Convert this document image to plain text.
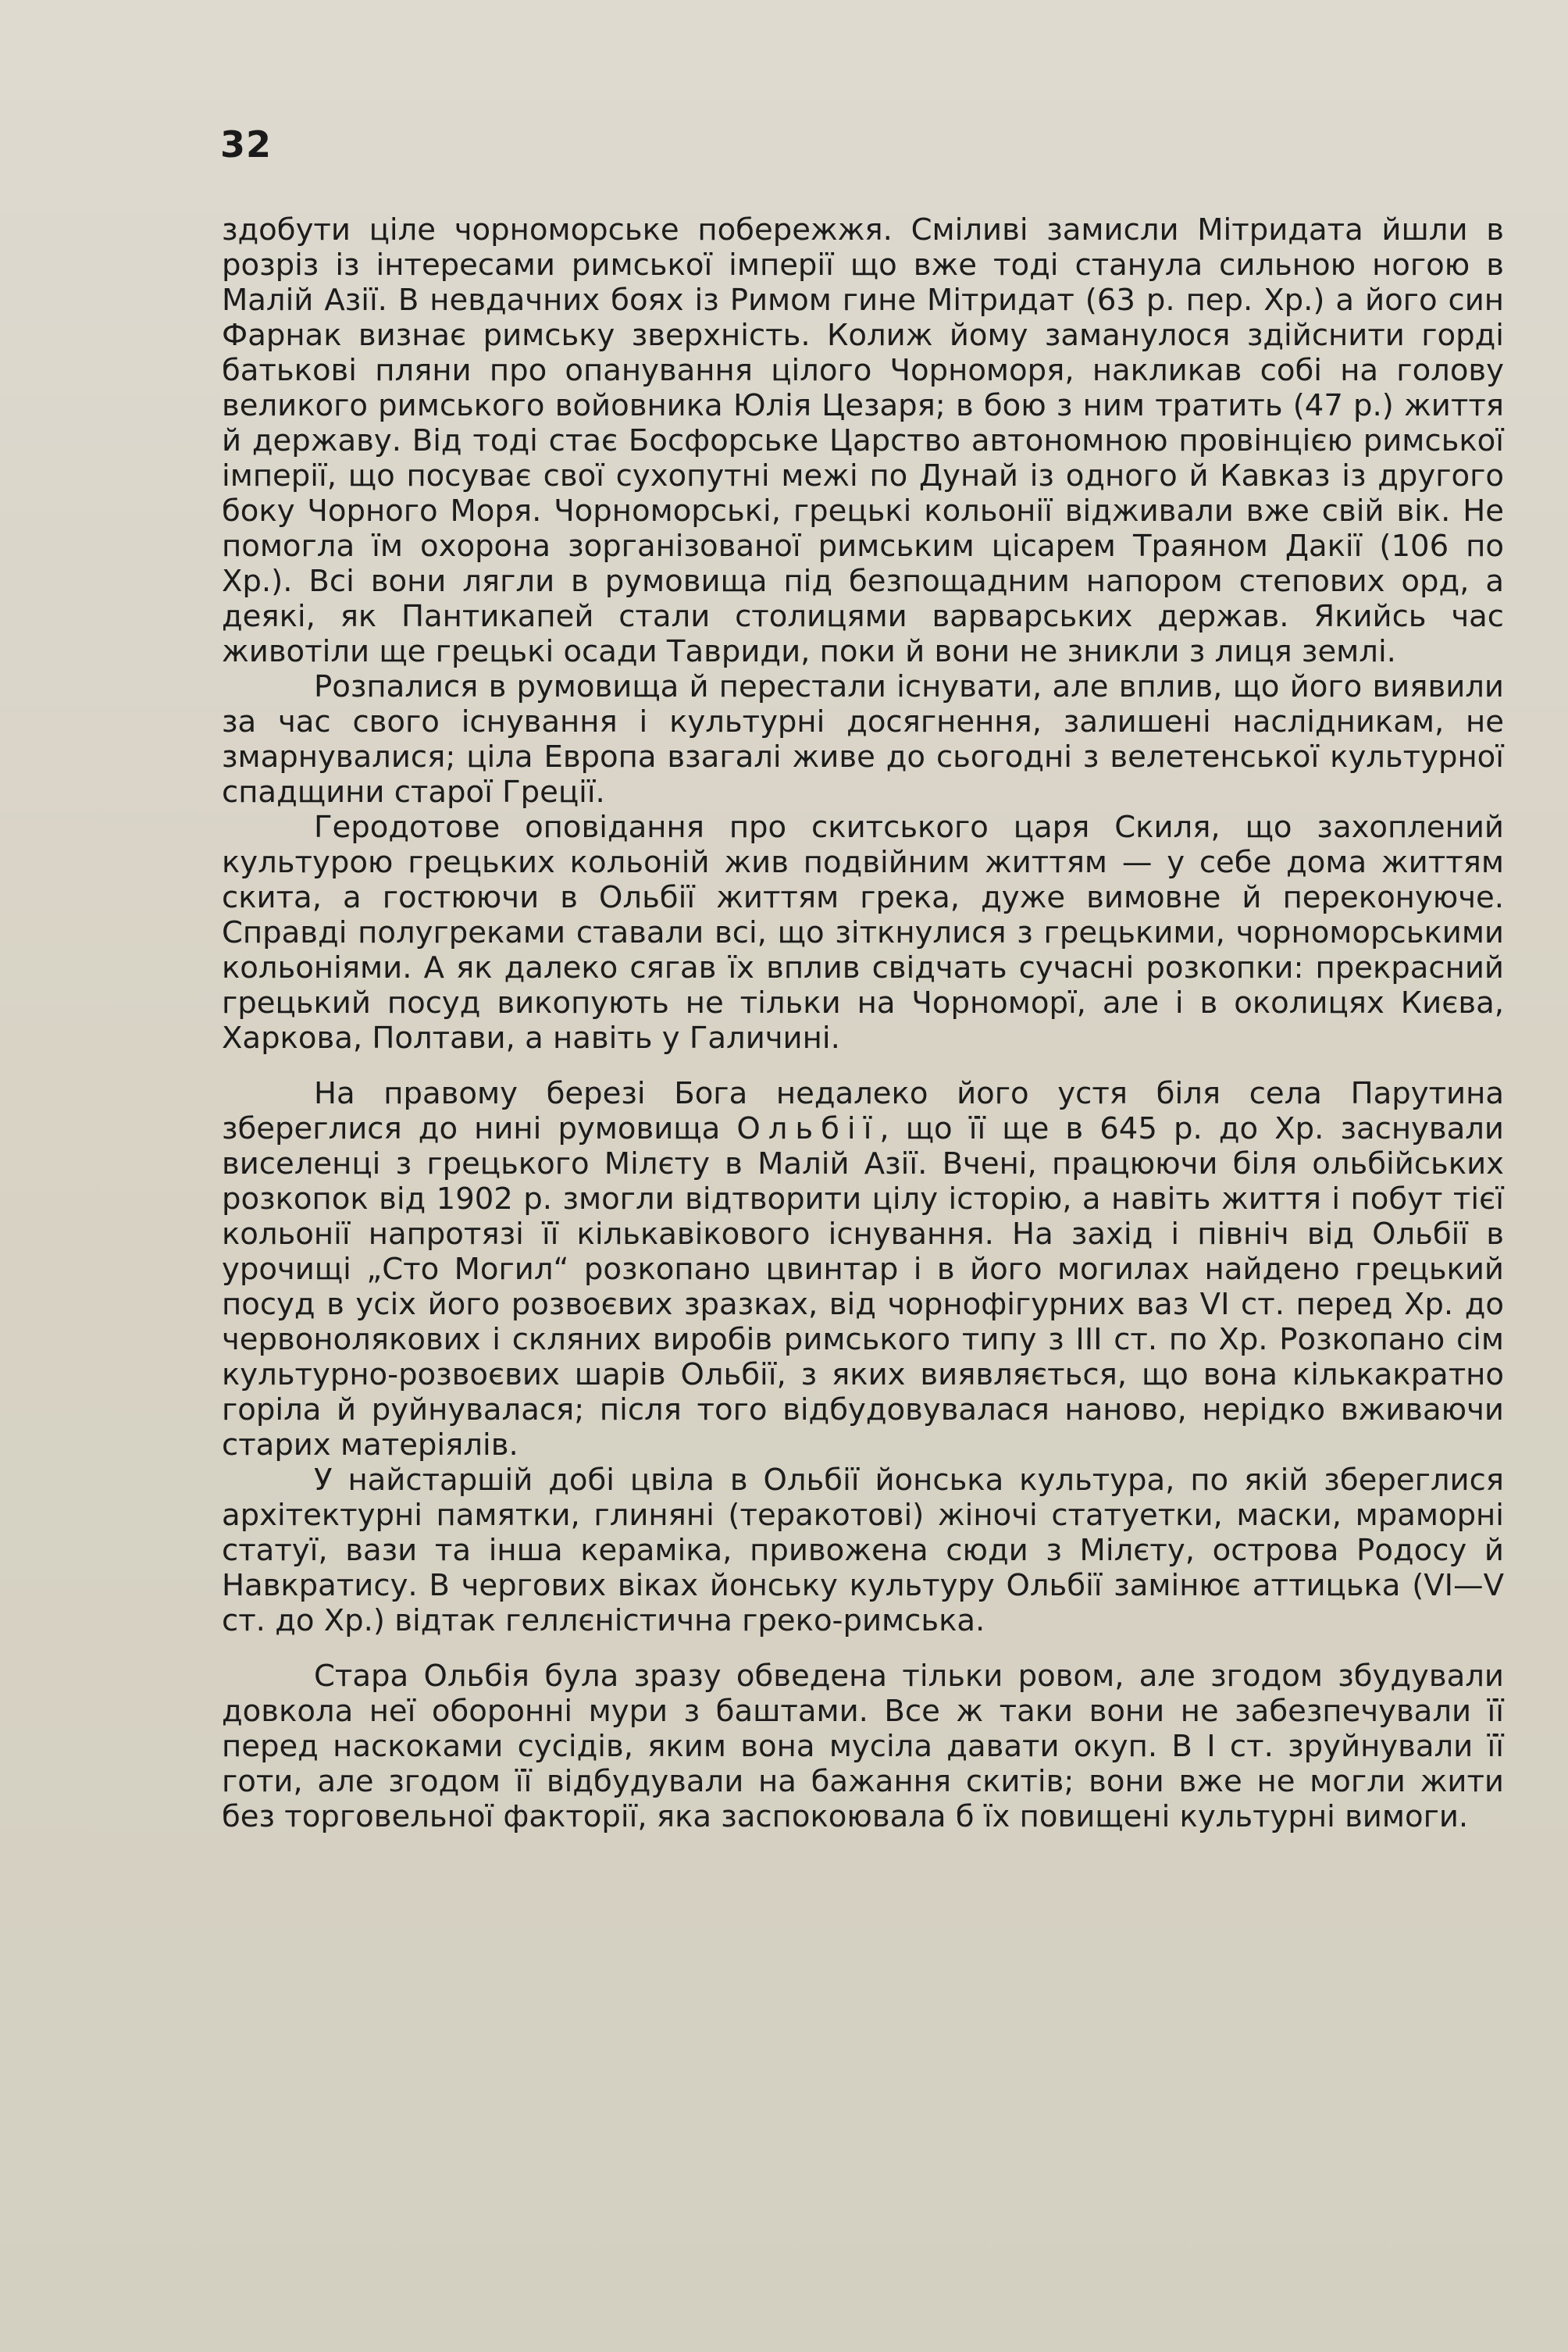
32

здобути ціле чорноморське побережжя. Сміливі замисли Мітридата йшли в розріз із інтересами римської імперії що вже тоді станула сильною ногою в Малій Азії. В невдачних боях із Римом гине Мітридат (63 р. пер. Хр.) а його син Фарнак визнає римську зверхність. Колиж йому заманулося здійснити горді батькові пляни про опанування цілого Чорноморя, накликав собі на голову великого римського войовника Юлія Цезаря; в бою з ним тратить (47 р.) життя й державу. Від тоді стає Босфорське Царство автономною провінцією римської імперії, що посуває свої сухопутні межі по Дунай із одного й Кавказ із другого боку Чорного Моря. Чорноморські, грецькі кольонії відживали вже свій вік. Не помогла їм охорона зорганізованої римським цісарем Траяном Дакії (106 по Хр.). Всі вони лягли в румовища під безпощадним напором степових орд, а деякі, як Пантикапей стали столицями варварських держав. Якийсь час животіли ще грецькі осади Тавриди, поки й вони не зникли з лиця землі.

Розпалися в румовища й перестали існувати, але вплив, що його виявили за час свого існування і культурні досягнення, залишені наслідникам, не змарнувалися; ціла Европа взагалі живе до сьогодні з велетенської культурної спадщини старої Греції.

Геродотове оповідання про скитського царя Скиля, що захоплений культурою грецьких кольоній жив подвійним життям — у себе дома життям скита, а гостюючи в Ольбії життям грека, дуже вимовне й переконуюче. Справді полугреками ставали всі, що зіткнулися з грецькими, чорноморськими кольоніями. А як далеко сягав їх вплив свідчать сучасні розкопки: прекрасний грецький посуд викопують не тільки на Чорноморї, але і в околицях Києва, Харкова, Полтави, а навіть у Галичині.

На правому березі Бога недалеко його устя біля села Парутина збереглися до нині румовища Ольбії, що її ще в 645 р. до Хр. заснували виселенці з грецького Мілєту в Малій Азії. Вчені, працюючи біля ольбійських розкопок від 1902 р. змогли відтворити цілу історію, а навіть життя і побут тієї кольонії напротязі її кількавікового існування. На захід і північ від Ольбії в урочищі „Сто Могил“ розкопано цвинтар і в його могилах найдено грецький посуд в усіх його розвоєвих зразках, від чорнофігурних ваз VI ст. перед Хр. до червонолякових і скляних виробів римського типу з III ст. по Хр. Розкопано сім культурно-розвоєвих шарів Ольбії, з яких виявляється, що вона кількакратно горіла й руйнувалася; після того відбудовувалася наново, нерідко вживаючи старих матеріялів.

У найстаршій добі цвіла в Ольбії йонська культура, по якій збереглися архітектурні памятки, глиняні (теракотові) жіночі статуетки, маски, мраморні статуї, вази та інша кераміка, привожена сюди з Мілєту, острова Родосу й Навкратису. В чергових віках йонську культуру Ольбії замінює аттицька (VI—V ст. до Хр.) відтак геллєністична греко-римська.

Стара Ольбія була зразу обведена тільки ровом, але згодом збудували довкола неї оборонні мури з баштами. Все ж таки вони не забезпечували її перед наскоками сусідів, яким вона мусіла давати окуп. В I ст. зруйнували її готи, але згодом її відбудували на бажання скитів; вони вже не могли жити без торговельної факторії, яка заспокоювала б їх повищені культурні вимоги.
